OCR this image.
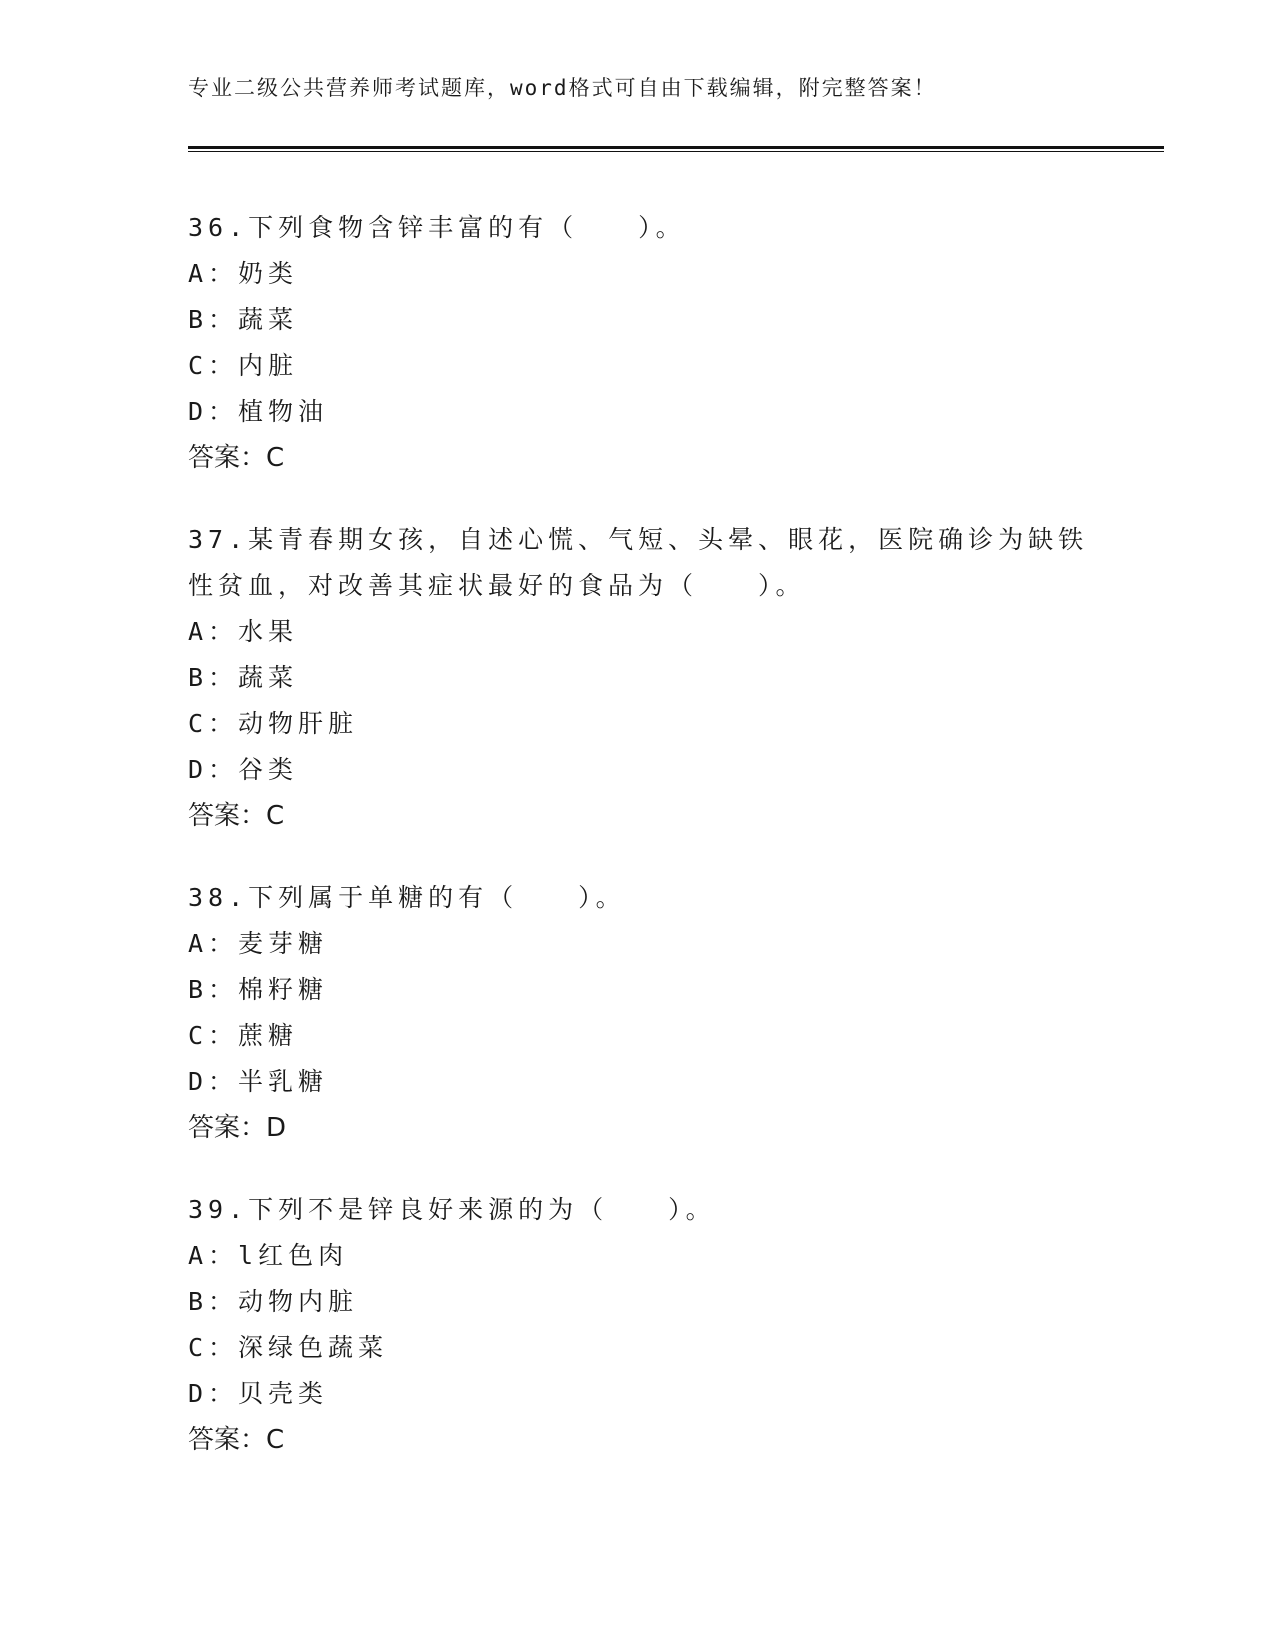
专业二级公共营养师考试题库，word格式可自由下载编辑，附完整答案！

36.下列食物含锌丰富的有（　　）。

A：奶类

B：蔬菜

C：内脏

D：植物油

答案：C

37.某青春期女孩，自述心慌、气短、头晕、眼花，医院确诊为缺铁性贫血，对改善其症状最好的食品为（　　）。

A：水果

B：蔬菜

C：动物肝脏

D：谷类

答案：C

38.下列属于单糖的有（　　）。

A：麦芽糖

B：棉籽糖

C：蔗糖

D：半乳糖

答案：D

39.下列不是锌良好来源的为（　　）。

A：l红色肉

B：动物内脏

C：深绿色蔬菜

D：贝壳类

答案：C
